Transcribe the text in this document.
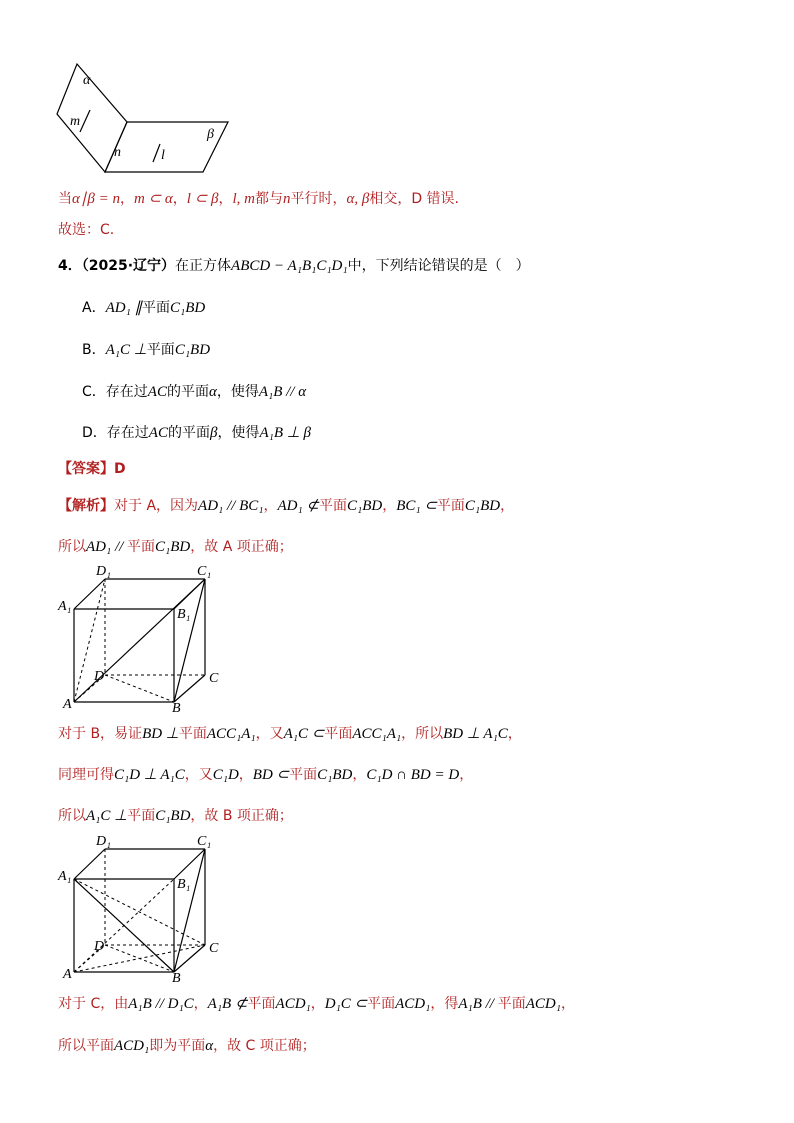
α
m
n	l
β
当α∣β = n，m ⊂ α，l ⊂ β，l, m都与n平行时，α, β相交，D 错误.
故选：C.
4．（2025·辽宁）在正方体ABCD − A₁B₁C₁D₁中，下列结论错误的是（　）
A．AD₁ ∥平面C₁BD
B．A₁C ⊥平面C₁BD
C．存在过AC的平面α，使得A₁B // α
D．存在过AC的平面β，使得A₁B ⊥ β
【答案】D
【解析】对于 A，因为AD₁ // BC₁，AD₁ ⊄平面C₁BD，BC₁ ⊂平面C₁BD，
所以AD₁ // 平面C₁BD，故 A 项正确；
D₁	C₁
A₁
B₁
D	C
A	B
对于 B，易证BD ⊥平面ACC₁A₁，又A₁C ⊂平面ACC₁A₁，所以BD ⊥ A₁C，
同理可得C₁D ⊥ A₁C，又C₁D，BD ⊂平面C₁BD，C₁D ∩ BD = D，
所以A₁C ⊥平面C₁BD，故 B 项正确；
D₁	C₁
A₁
B₁
D	C
A	B
对于 C，由A₁B // D₁C，A₁B ⊄平面ACD₁，D₁C ⊂平面ACD₁，得A₁B // 平面ACD₁，
所以平面ACD₁即为平面α，故 C 项正确；
